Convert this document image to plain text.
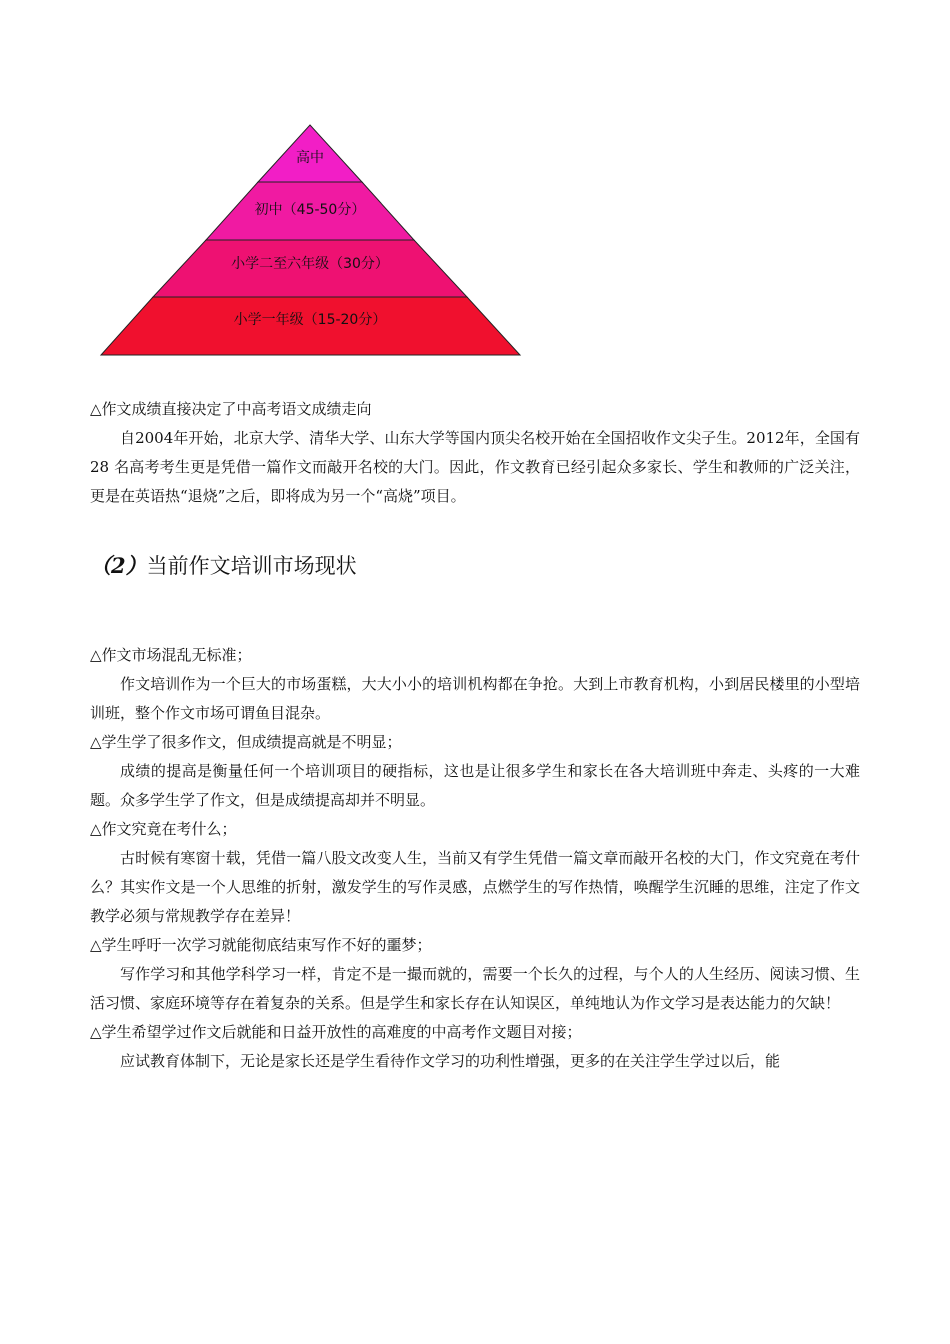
高中
初中（45-50分）
小学二至六年级（30分）
小学一年级（15-20分）

△作文成绩直接决定了中高考语文成绩走向

自2004年开始，北京大学、清华大学、山东大学等国内顶尖名校开始在全国招收作文尖子生。2012年，全国有 28 名高考考生更是凭借一篇作文而敲开名校的大门。因此，作文教育已经引起众多家长、学生和教师的广泛关注，更是在英语热“退烧”之后，即将成为另一个“高烧”项目。

（2）当前作文培训市场现状

△作文市场混乱无标准；

作文培训作为一个巨大的市场蛋糕，大大小小的培训机构都在争抢。大到上市教育机构，小到居民楼里的小型培训班，整个作文市场可谓鱼目混杂。

△学生学了很多作文，但成绩提高就是不明显；

成绩的提高是衡量任何一个培训项目的硬指标，这也是让很多学生和家长在各大培训班中奔走、头疼的一大难题。众多学生学了作文，但是成绩提高却并不明显。

△作文究竟在考什么；

古时候有寒窗十载，凭借一篇八股文改变人生，当前又有学生凭借一篇文章而敲开名校的大门，作文究竟在考什么？其实作文是一个人思维的折射，激发学生的写作灵感，点燃学生的写作热情，唤醒学生沉睡的思维，注定了作文教学必须与常规教学存在差异！

△学生呼吁一次学习就能彻底结束写作不好的噩梦；

写作学习和其他学科学习一样，肯定不是一撮而就的，需要一个长久的过程，与个人的人生经历、阅读习惯、生活习惯、家庭环境等存在着复杂的关系。但是学生和家长存在认知误区，单纯地认为作文学习是表达能力的欠缺！

△学生希望学过作文后就能和日益开放性的高难度的中高考作文题目对接；

应试教育体制下，无论是家长还是学生看待作文学习的功利性增强，更多的在关注学生学过以后，能
